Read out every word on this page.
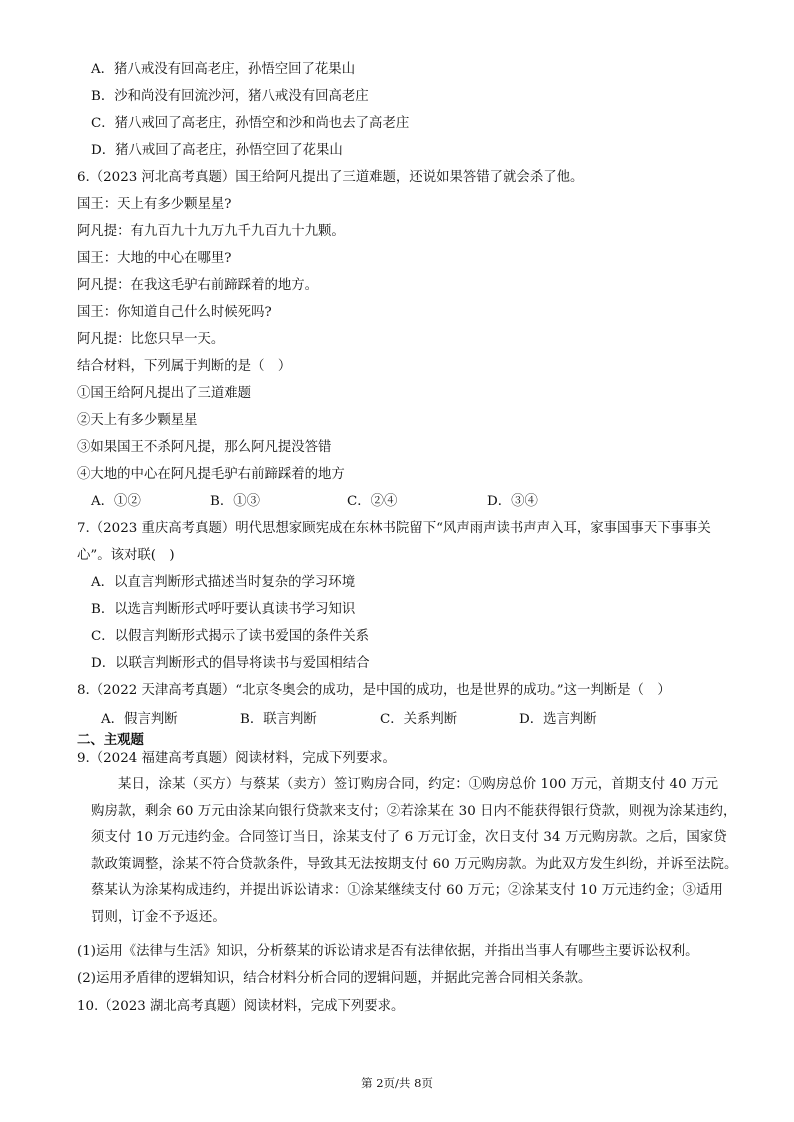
A．猪八戒没有回高老庄，孙悟空回了花果山
B．沙和尚没有回流沙河，猪八戒没有回高老庄
C．猪八戒回了高老庄，孙悟空和沙和尚也去了高老庄
D．猪八戒回了高老庄，孙悟空回了花果山
6.（2023 河北高考真题）国王给阿凡提出了三道难题，还说如果答错了就会杀了他。
国王：天上有多少颗星星?
阿凡提：有九百九十九万九千九百九十九颗。
国王：大地的中心在哪里?
阿凡提：在我这毛驴右前蹄踩着的地方。
国王：你知道自己什么时候死吗?
阿凡提：比您只早一天。
结合材料，下列属于判断的是（　）
①国王给阿凡提出了三道难题
②天上有多少颗星星
③如果国王不杀阿凡提，那么阿凡提没答错
④大地的中心在阿凡提毛驴右前蹄踩着的地方
A．①②	B．①③	C．②④	D．③④
7.（2023 重庆高考真题）明代思想家顾宪成在东林书院留下“风声雨声读书声声入耳，家事国事天下事事关
心”。该对联(　)
A．以直言判断形式描述当时复杂的学习环境
B．以选言判断形式呼吁要认真读书学习知识
C．以假言判断形式揭示了读书爱国的条件关系
D．以联言判断形式的倡导将读书与爱国相结合
8.（2022 天津高考真题）“北京冬奥会的成功，是中国的成功，也是世界的成功。”这一判断是（　）
A．假言判断	B．联言判断	C．关系判断	D．选言判断
二、主观题
9.（2024 福建高考真题）阅读材料，完成下列要求。
　　某日，涂某（买方）与蔡某（卖方）签订购房合同，约定：①购房总价 100 万元，首期支付 40 万元
购房款，剩余 60 万元由涂某向银行贷款来支付；②若涂某在 30 日内不能获得银行贷款，则视为涂某违约，
须支付 10 万元违约金。合同签订当日，涂某支付了 6 万元订金，次日支付 34 万元购房款。之后，国家贷
款政策调整，涂某不符合贷款条件，导致其无法按期支付 60 万元购房款。为此双方发生纠纷，并诉至法院。
蔡某认为涂某构成违约，并提出诉讼请求：①涂某继续支付 60 万元；②涂某支付 10 万元违约金；③适用
罚则，订金不予返还。
(1)运用《法律与生活》知识，分析蔡某的诉讼请求是否有法律依据，并指出当事人有哪些主要诉讼权利。
(2)运用矛盾律的逻辑知识，结合材料分析合同的逻辑问题，并据此完善合同相关条款。
10.（2023 湖北高考真题）阅读材料，完成下列要求。
第 2页/共 8页
